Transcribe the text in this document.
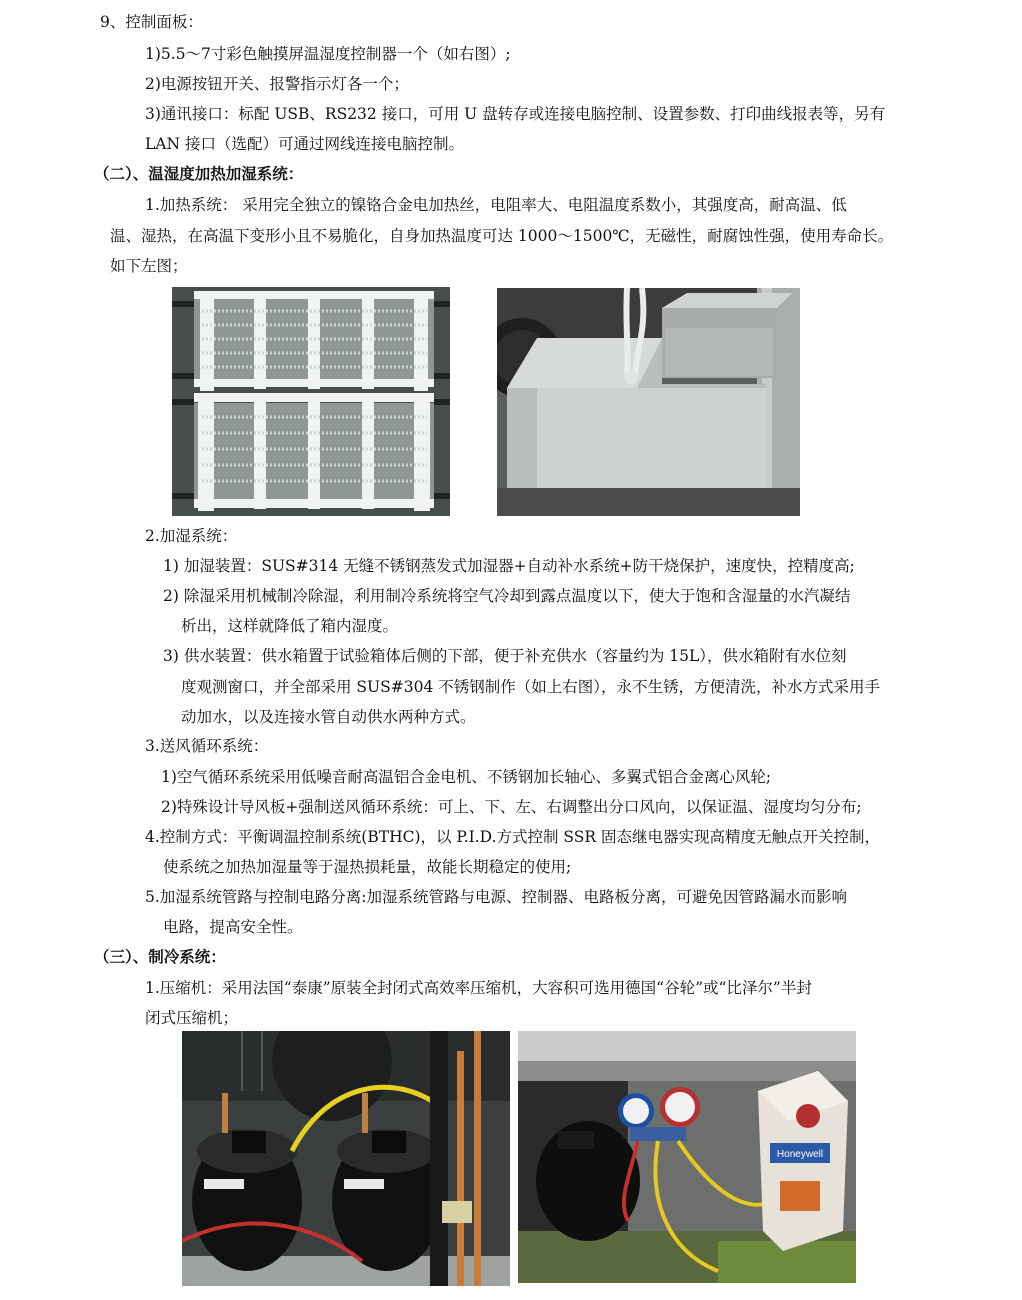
9、控制面板：
1)5.5～7寸彩色触摸屏温湿度控制器一个（如右图）;
2)电源按钮开关、报警指示灯各一个；
3)通讯接口：标配 USB、RS232 接口，可用 U 盘转存或连接电脑控制、设置参数、打印曲线报表等，另有
LAN 接口（选配）可通过网线连接电脑控制。
（二）、温湿度加热加湿系统：
1.加热系统： 采用完全独立的镍铬合金电加热丝，电阻率大、电阻温度系数小，其强度高，耐高温、低
温、湿热，在高温下变形小且不易脆化，自身加热温度可达 1000～1500℃，无磁性，耐腐蚀性强，使用寿命长。
如下左图；
2.加湿系统：
1) 加湿装置：SUS#314 无缝不锈钢蒸发式加湿器+自动补水系统+防干烧保护，速度快，控精度高;
2) 除湿采用机械制冷除湿，利用制冷系统将空气冷却到露点温度以下，使大于饱和含湿量的水汽凝结
析出，这样就降低了箱内湿度。
3) 供水装置：供水箱置于试验箱体后侧的下部，便于补充供水（容量约为 15L），供水箱附有水位刻
度观测窗口，并全部采用 SUS#304 不锈钢制作（如上右图），永不生锈，方便清洗，补水方式采用手
动加水，以及连接水管自动供水两种方式。
3.送风循环系统：
1)空气循环系统采用低噪音耐高温铝合金电机、不锈钢加长轴心、多翼式铝合金离心风轮;
2)特殊设计导风板+强制送风循环系统：可上、下、左、右调整出分口风向，以保证温、湿度均匀分布;
4.控制方式：平衡调温控制系统(BTHC)，以 P.I.D.方式控制 SSR 固态继电器实现高精度无触点开关控制，
使系统之加热加湿量等于湿热损耗量，故能长期稳定的使用;
5.加湿系统管路与控制电路分离:加湿系统管路与电源、控制器、电路板分离，可避免因管路漏水而影响
电路，提高安全性。
（三）、制冷系统：
1.压缩机：采用法国“泰康”原装全封闭式高效率压缩机，大容积可选用德国“谷轮”或“比泽尔”半封
闭式压缩机；
Honeywell
